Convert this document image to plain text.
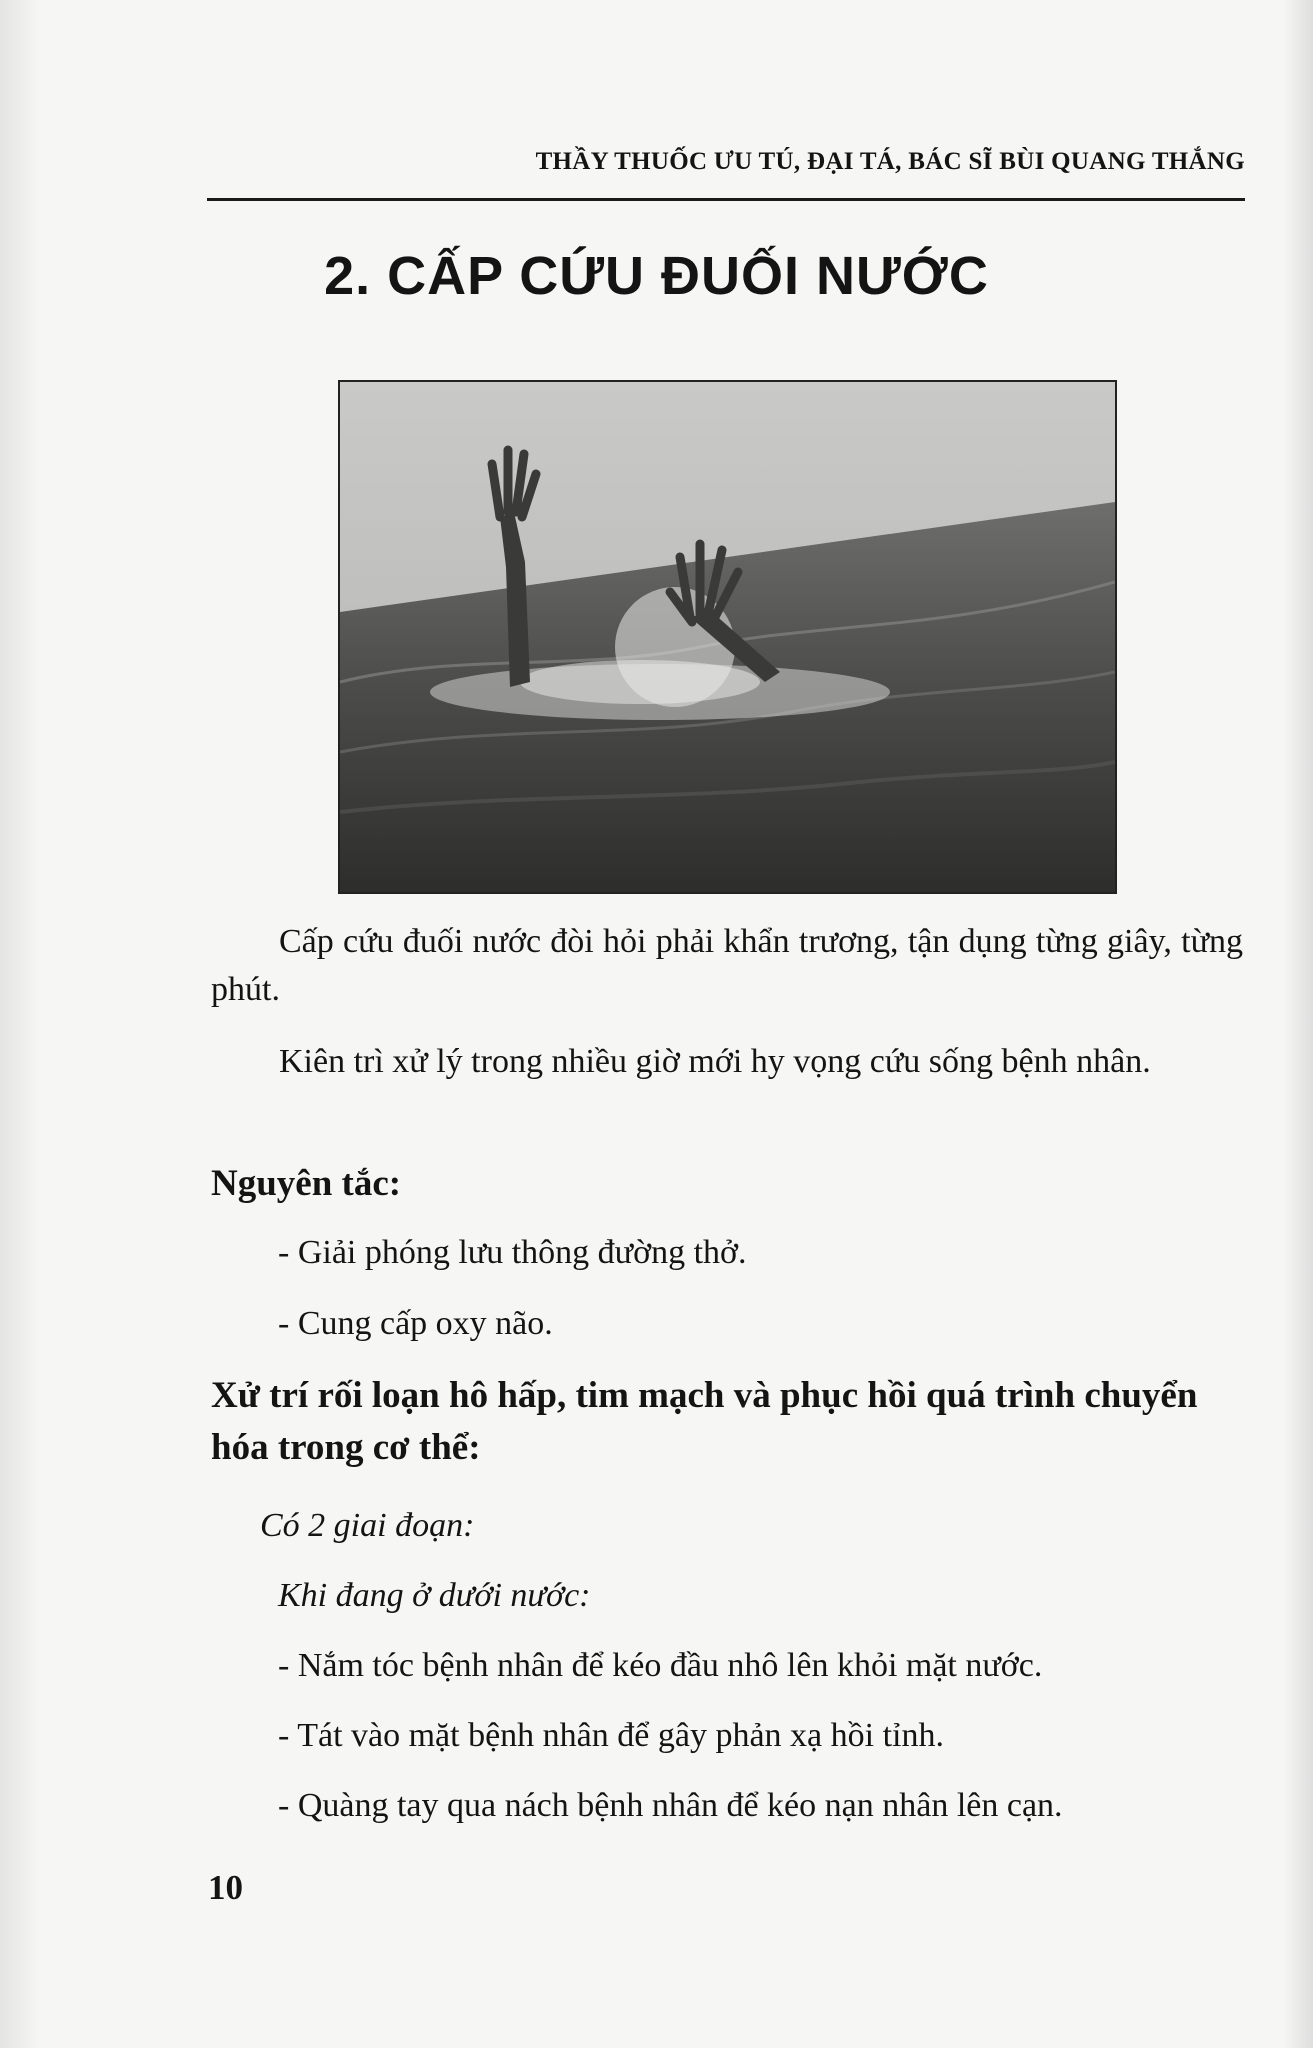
THẦY THUỐC ƯU TÚ, ĐẠI TÁ, BÁC SĨ BÙI QUANG THẮNG
2. CẤP CỨU ĐUỐI NƯỚC
Cấp cứu đuối nước đòi hỏi phải khẩn trương, tận dụng từng giây, từng phút.
Kiên trì xử lý trong nhiều giờ mới hy vọng cứu sống bệnh nhân.
Nguyên tắc:
- Giải phóng lưu thông đường thở.
- Cung cấp oxy não.
Xử trí rối loạn hô hấp, tim mạch và phục hồi quá trình chuyển hóa trong cơ thể:
Có 2 giai đoạn:
Khi đang ở dưới nước:
- Nắm tóc bệnh nhân để kéo đầu nhô lên khỏi mặt nước.
- Tát vào mặt bệnh nhân để gây phản xạ hồi tỉnh.
- Quàng tay qua nách bệnh nhân để kéo nạn nhân lên cạn.
10
